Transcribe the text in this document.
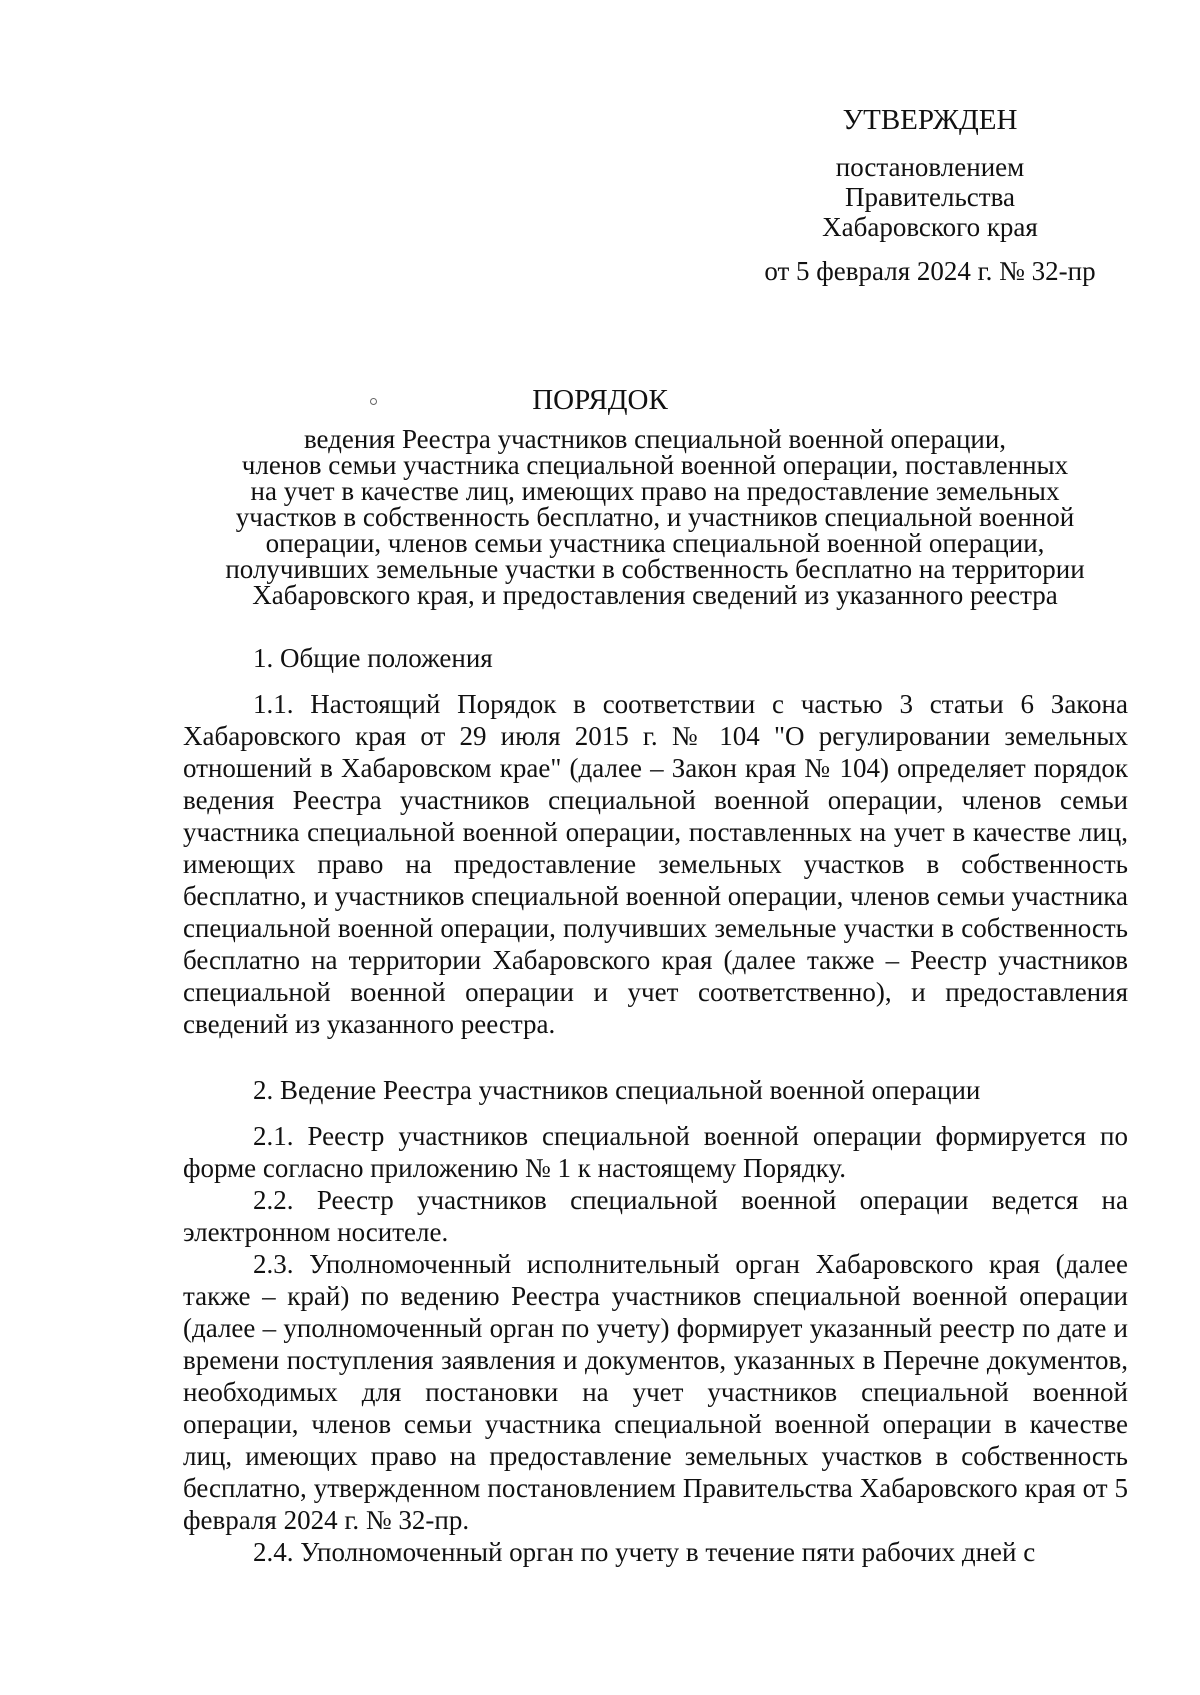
УТВЕРЖДЕН
постановлением
Правительства
Хабаровского края
от 5 февраля 2024 г. № 32-пр
ПОРЯДОК
ведения Реестра участников специальной военной операции,
членов семьи участника специальной военной операции, поставленных
на учет в качестве лиц, имеющих право на предоставление земельных
участков в собственность бесплатно, и участников специальной военной
операции, членов семьи участника специальной военной операции,
получивших земельные участки в собственность бесплатно на территории
Хабаровского края, и предоставления сведений из указанного реестра

1. Общие положения

1.1. Настоящий Порядок в соответствии с частью 3 статьи 6 Закона Хабаровского края от 29 июля 2015 г. № 104 "О регулировании земельных отношений в Хабаровском крае" (далее – Закон края № 104) определяет порядок ведения Реестра участников специальной военной операции, членов семьи участника специальной военной операции, поставленных на учет в качестве лиц, имеющих право на предоставление земельных участков в собственность бесплатно, и участников специальной военной операции, членов семьи участника специальной военной операции, получивших земельные участки в собственность бесплатно на территории Хабаровского края (далее также – Реестр участников специальной военной операции и учет соответственно), и предоставления сведений из указанного реестра.

2. Ведение Реестра участников специальной военной операции

2.1. Реестр участников специальной военной операции формируется по форме согласно приложению № 1 к настоящему Порядку.

2.2. Реестр участников специальной военной операции ведется на электронном носителе.

2.3. Уполномоченный исполнительный орган Хабаровского края (далее также – край) по ведению Реестра участников специальной военной операции (далее – уполномоченный орган по учету) формирует указанный реестр по дате и времени поступления заявления и документов, указанных в Перечне документов, необходимых для постановки на учет участников специальной военной операции, членов семьи участника специальной военной операции в качестве лиц, имеющих право на предоставление земельных участков в собственность бесплатно, утвержденном постановлением Правительства Хабаровского края от 5 февраля 2024 г. № 32-пр.

2.4. Уполномоченный орган по учету в течение пяти рабочих дней с
